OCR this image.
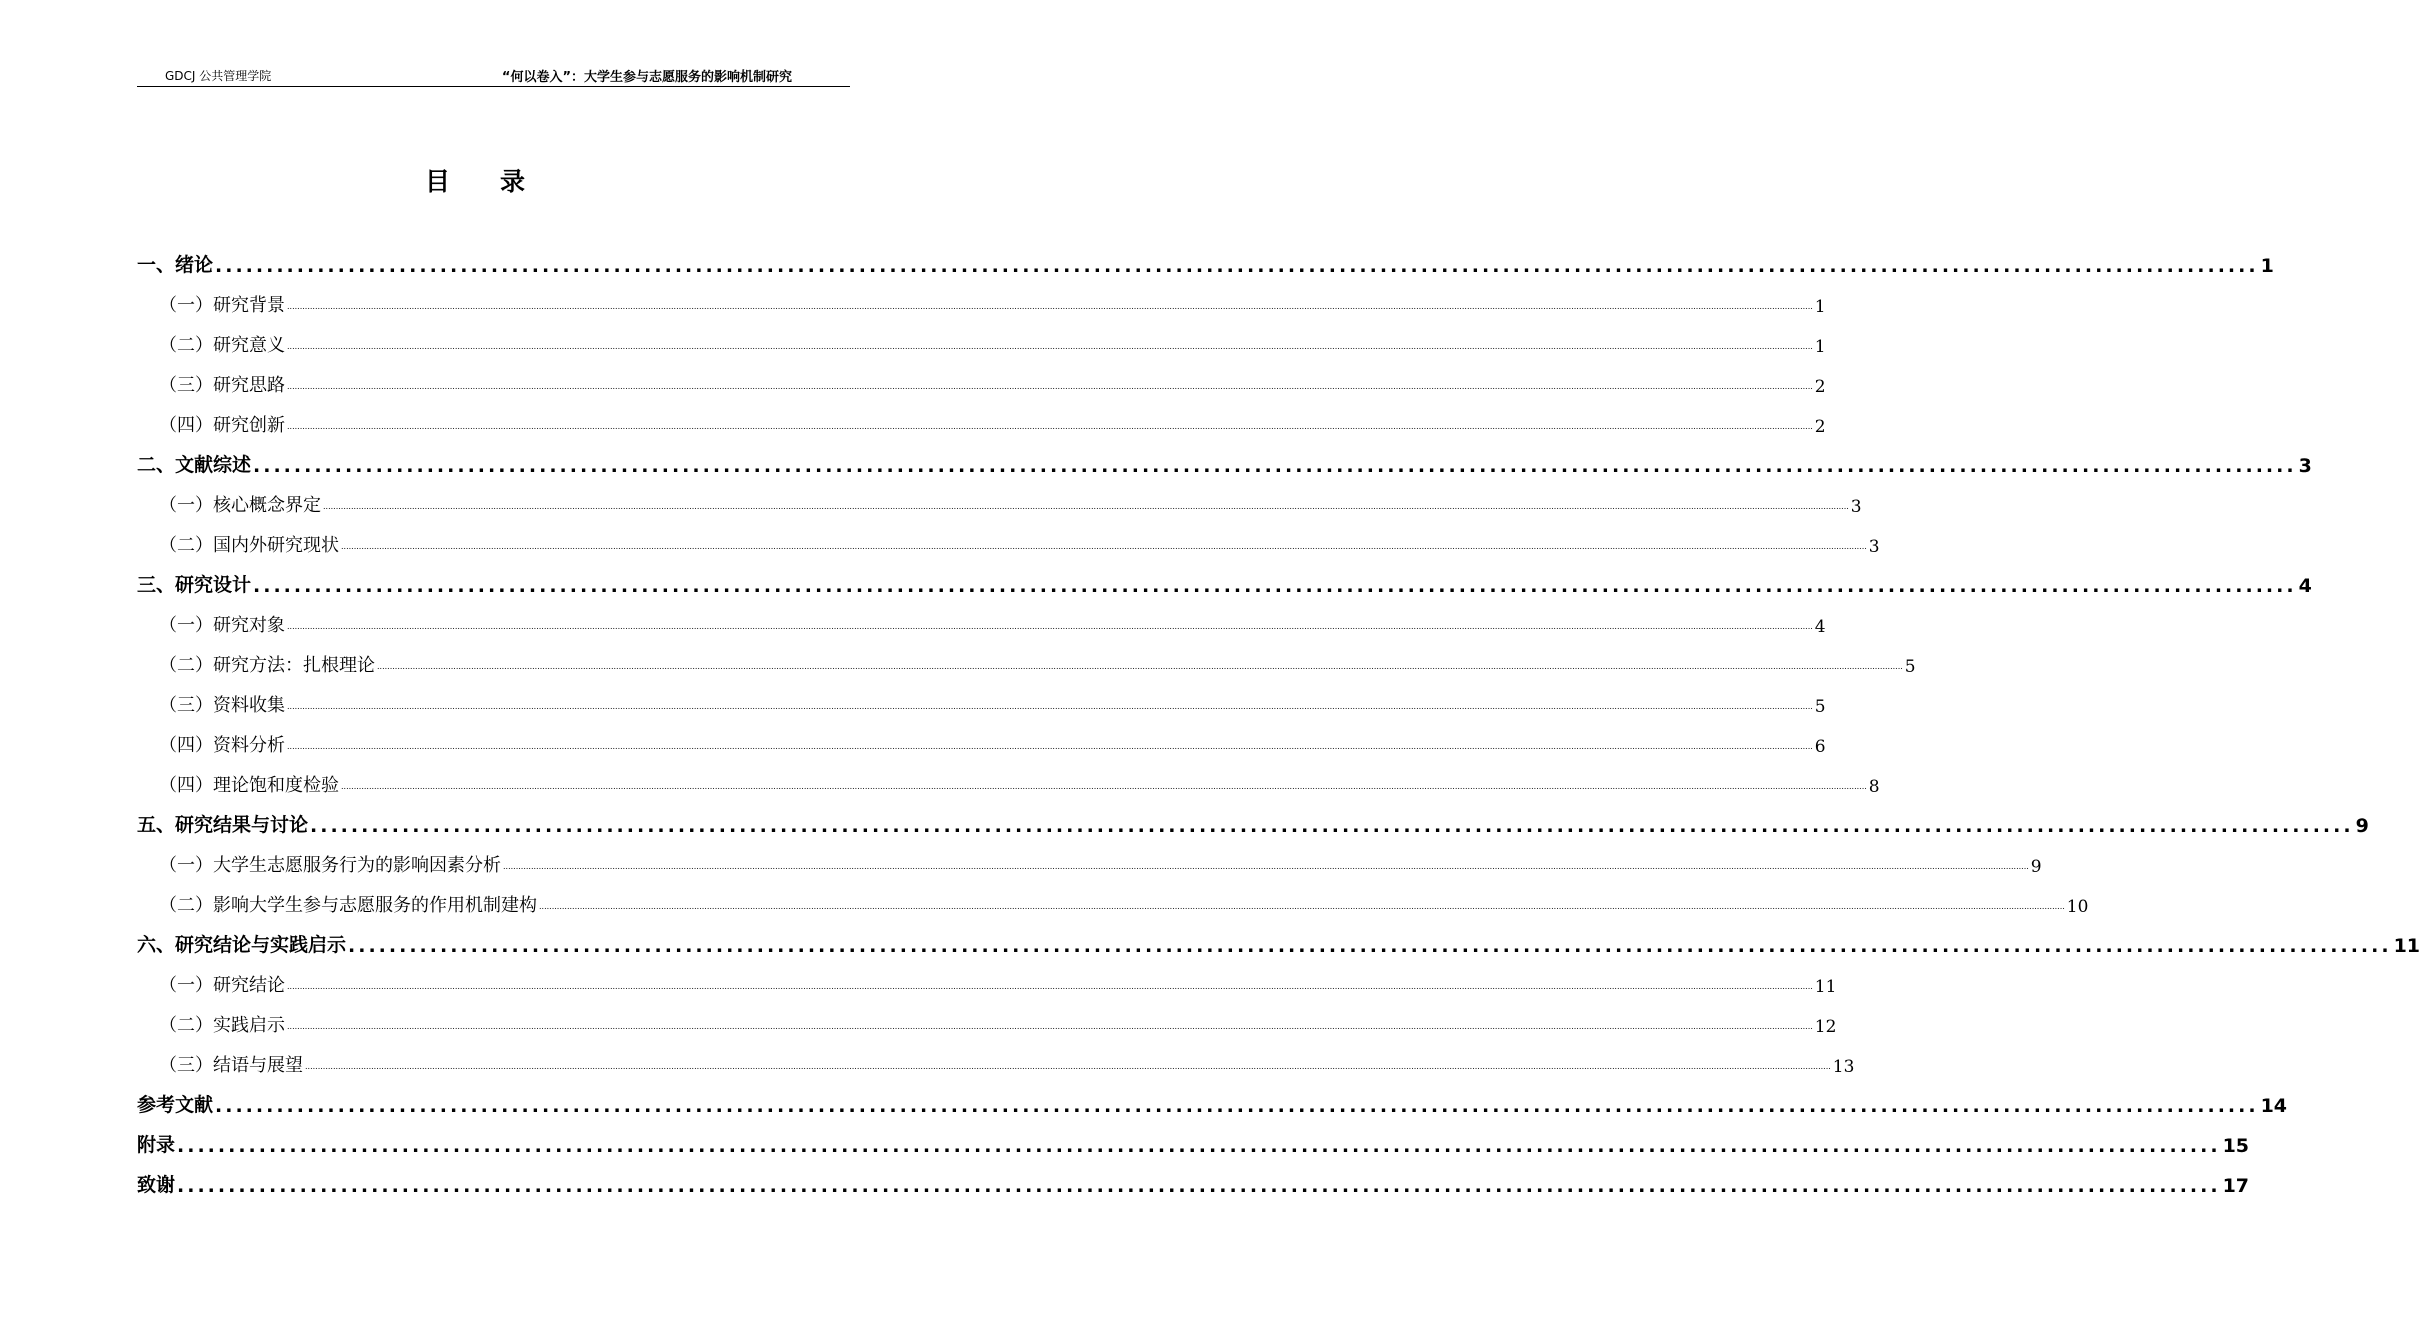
GDCJ 公共管理学院	“何以卷入”：大学生参与志愿服务的影响机制研究
目　　录
一、绪论 ........................................................................................................................................................................................................ 1
（一）研究背景 ........................................................................................................................................................................................................................................................................................................................................................................................................................................................................................................................................................................................................................ 1
（二）研究意义 ........................................................................................................................................................................................................................................................................................................................................................................................................................................................................................................................................................................................................................ 1
（三）研究思路 ........................................................................................................................................................................................................................................................................................................................................................................................................................................................................................................................................................................................................................ 2
（四）研究创新 ........................................................................................................................................................................................................................................................................................................................................................................................................................................................................................................................................................................................................................ 2
二、文献综述 ........................................................................................................................................................................................................ 3
（一）核心概念界定 ........................................................................................................................................................................................................................................................................................................................................................................................................................................................................................................................................................................................................................ 3
（二）国内外研究现状 ........................................................................................................................................................................................................................................................................................................................................................................................................................................................................................................................................................................................................................ 3
三、研究设计 ........................................................................................................................................................................................................ 4
（一）研究对象 ........................................................................................................................................................................................................................................................................................................................................................................................................................................................................................................................................................................................................................ 4
（二）研究方法：扎根理论 ........................................................................................................................................................................................................................................................................................................................................................................................................................................................................................................................................................................................................................ 5
（三）资料收集 ........................................................................................................................................................................................................................................................................................................................................................................................................................................................................................................................................................................................................................ 5
（四）资料分析 ........................................................................................................................................................................................................................................................................................................................................................................................................................................................................................................................................................................................................................ 6
（四）理论饱和度检验 ........................................................................................................................................................................................................................................................................................................................................................................................................................................................................................................................................................................................................................ 8
五、研究结果与讨论 ........................................................................................................................................................................................................ 9
（一）大学生志愿服务行为的影响因素分析 ........................................................................................................................................................................................................................................................................................................................................................................................................................................................................................................................................................................................................................ 9
（二）影响大学生参与志愿服务的作用机制建构 ........................................................................................................................................................................................................................................................................................................................................................................................................................................................................................................................................................................................................................ 10
六、研究结论与实践启示 ........................................................................................................................................................................................................ 11
（一）研究结论 ........................................................................................................................................................................................................................................................................................................................................................................................................................................................................................................................................................................................................................ 11
（二）实践启示 ........................................................................................................................................................................................................................................................................................................................................................................................................................................................................................................................................................................................................................ 12
（三）结语与展望 ........................................................................................................................................................................................................................................................................................................................................................................................................................................................................................................................................................................................................................ 13
参考文献 ........................................................................................................................................................................................................ 14
附录 ........................................................................................................................................................................................................ 15
致谢 ........................................................................................................................................................................................................ 17
